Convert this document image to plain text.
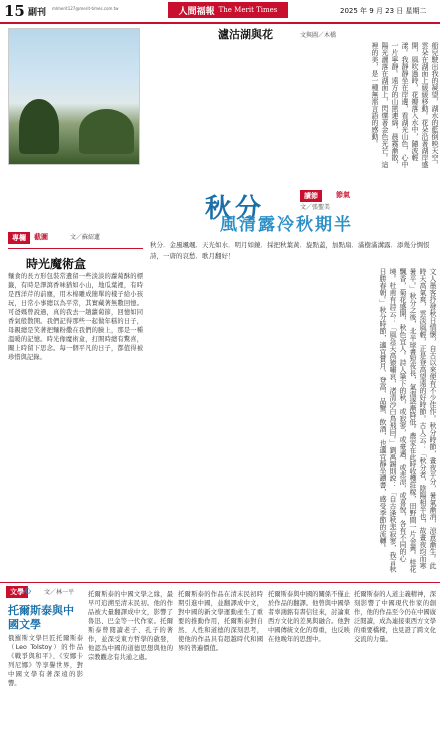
15 副刊 mlmerit127@merit-times.com.tw	人間福報 The Merit Times	2025 年 9 月 23 日 星期二
瀘沽湖與花	文與圖／木橋
船兒駛出我的凝望，湖水的藍倒映天空，雲朵在湖面上緩緩移動。花朵沿著湖岸盛開，風吹過時，花瓣落入水中，隨波輕漾。我靜靜坐在岸邊，看湖光山色，心中一片寧靜。遠方的山巒連綿，晨霧漸散，陽光灑落在湖面上，閃爍著金色光芒。這裡的美，是一種無需言語的感動。
秋分	讀節	節氣
文／張聖美
風清露冷秋期半
秋分．金風颯颯．天光如水．明月如鏡．採把秋葉黃．旋點蓋，加點扇．滿樹滿溝露．添幾分惆悵詩，一唐的哀愁．歌月翻好！
專欄	截圖	文／蘇紹蓮
時光魔術盒
麵食的長方形包裝常遺留一些淡淡的蘿蔔酥的標籤，有時是澤瀉香味猶如小山，地瓜葉裡，有時是西洋芹的前塵，用木棉雕成簡單的樣子給小孩玩，日常小事總以為平常，其實藏著無數回憶。可爸媽曾說過，真的我去一趟蘿蔔節，回憶如同香氣般散開。我們記得那些一起做年糕的日子，母親總是笑著把麵粉撒在我們的臉上，那是一種溫暖的記憶。時光像魔術盒，打開時總有驚喜，關上時留下思念。每一個平凡的日子，都值得被珍惜與記錄。	文人墨客抒發秋日情懷，自古以來便有不少佳作。秋分時節，晝夜平分，暑氣漸消，涼意漸生。此時天高氣爽，雲淡風輕，正是登高望遠的好時節。古人云：「秋分者，陰陽相半也，故晝夜均而寒暑平。」秋分之後，北半球晝短夜長，氣溫逐漸降低。農家在此時收穫莊稼，田野間一片金黃。桂花飄香，菊花盛開，秋色宜人。詩人筆下的秋，或寂寥，或豪邁，或悲涼，或喜悅，各有不同的心境。杜甫有詩云：「風急天高猿嘯哀，渚清沙白鳥飛回。」劉禹錫則說：「自古逢秋悲寂寥，我言秋日勝春朝。」秋分時節，適宜賞月、登高、品蟹、飲酒，也適宜靜坐讀書，感受季節的流轉。
文學 心 文／林一平
托爾斯泰與中國文學
俄羅斯文學巨匠托爾斯泰（Leo Tolstoy）的作品《戰爭與和平》、《安娜卡列尼娜》等享譽世界，對中國文學有著深遠的影響。
托爾斯泰的中國文學之緣，最早可追溯至清末民初。他的作品被大量翻譯成中文，影響了魯迅、巴金等一代作家。托爾斯泰曾閱讀老子、孔子的著作，並深受東方哲學的啟發，他認為中國的道德思想與他的宗教觀念有共通之處。
托爾斯泰的作品在清末民初時期引進中國，並翻譯成中文，對中國的新文學運動產生了重要的推動作用，托爾斯泰對自然、人性和道德的深刻思考，使他的作品具有超越時代和國界的普遍價值。
托爾斯泰與中國的關係不僅止於作品的翻譯。他曾與中國學者辜鴻銘有書信往來，討論東西方文化的差異與融合。他對中國傳統文化的尊重，也反映在他晚年的思想中。
托爾斯泰的人道主義精神，深刻影響了中國現代作家的創作，他的作品至今仍在中國廣泛閱讀，成為連接東西方文學的重要橋樑，也見證了跨文化交流的力量。
